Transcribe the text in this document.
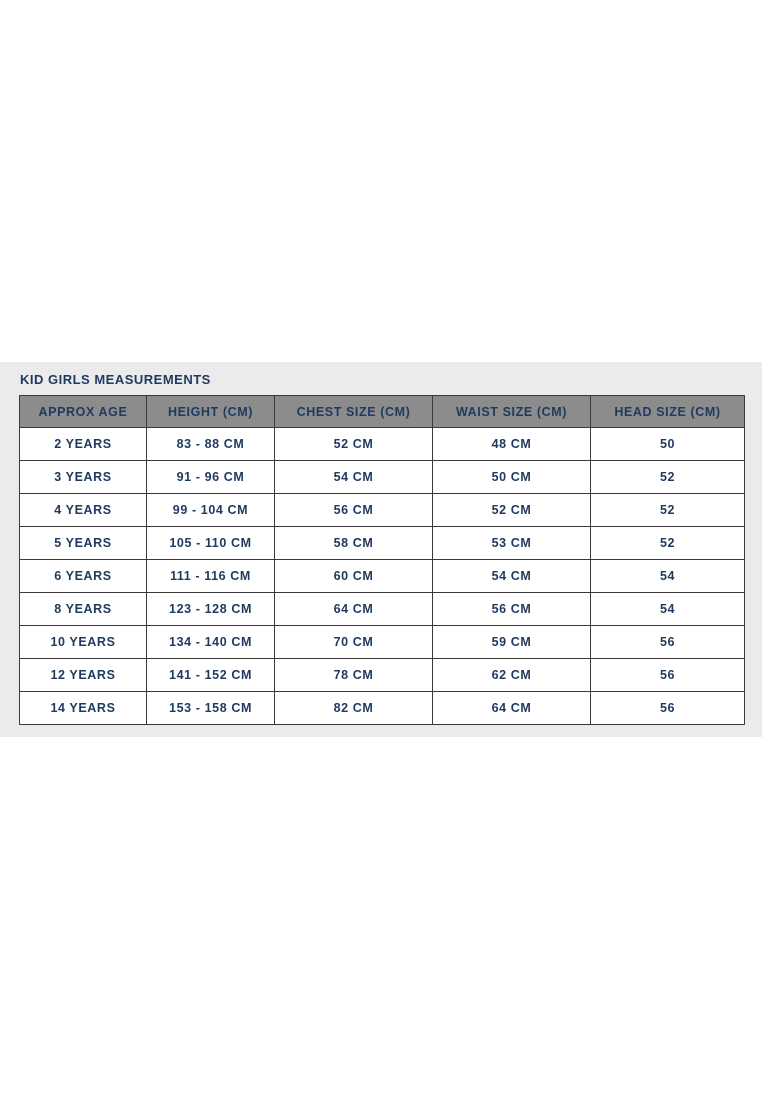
KID GIRLS MEASUREMENTS
APPROX AGE	HEIGHT (CM)	CHEST SIZE (CM)	WAIST SIZE (CM)	HEAD SIZE (CM)
2 YEARS	83 - 88 CM	52 CM	48 CM	50
3 YEARS	91 - 96 CM	54 CM	50 CM	52
4 YEARS	99 - 104 CM	56 CM	52 CM	52
5 YEARS	105 - 110 CM	58 CM	53 CM	52
6 YEARS	111 - 116 CM	60 CM	54 CM	54
8 YEARS	123 - 128 CM	64 CM	56 CM	54
10 YEARS	134 - 140 CM	70 CM	59 CM	56
12 YEARS	141 - 152 CM	78 CM	62 CM	56
14 YEARS	153 - 158 CM	82 CM	64 CM	56
